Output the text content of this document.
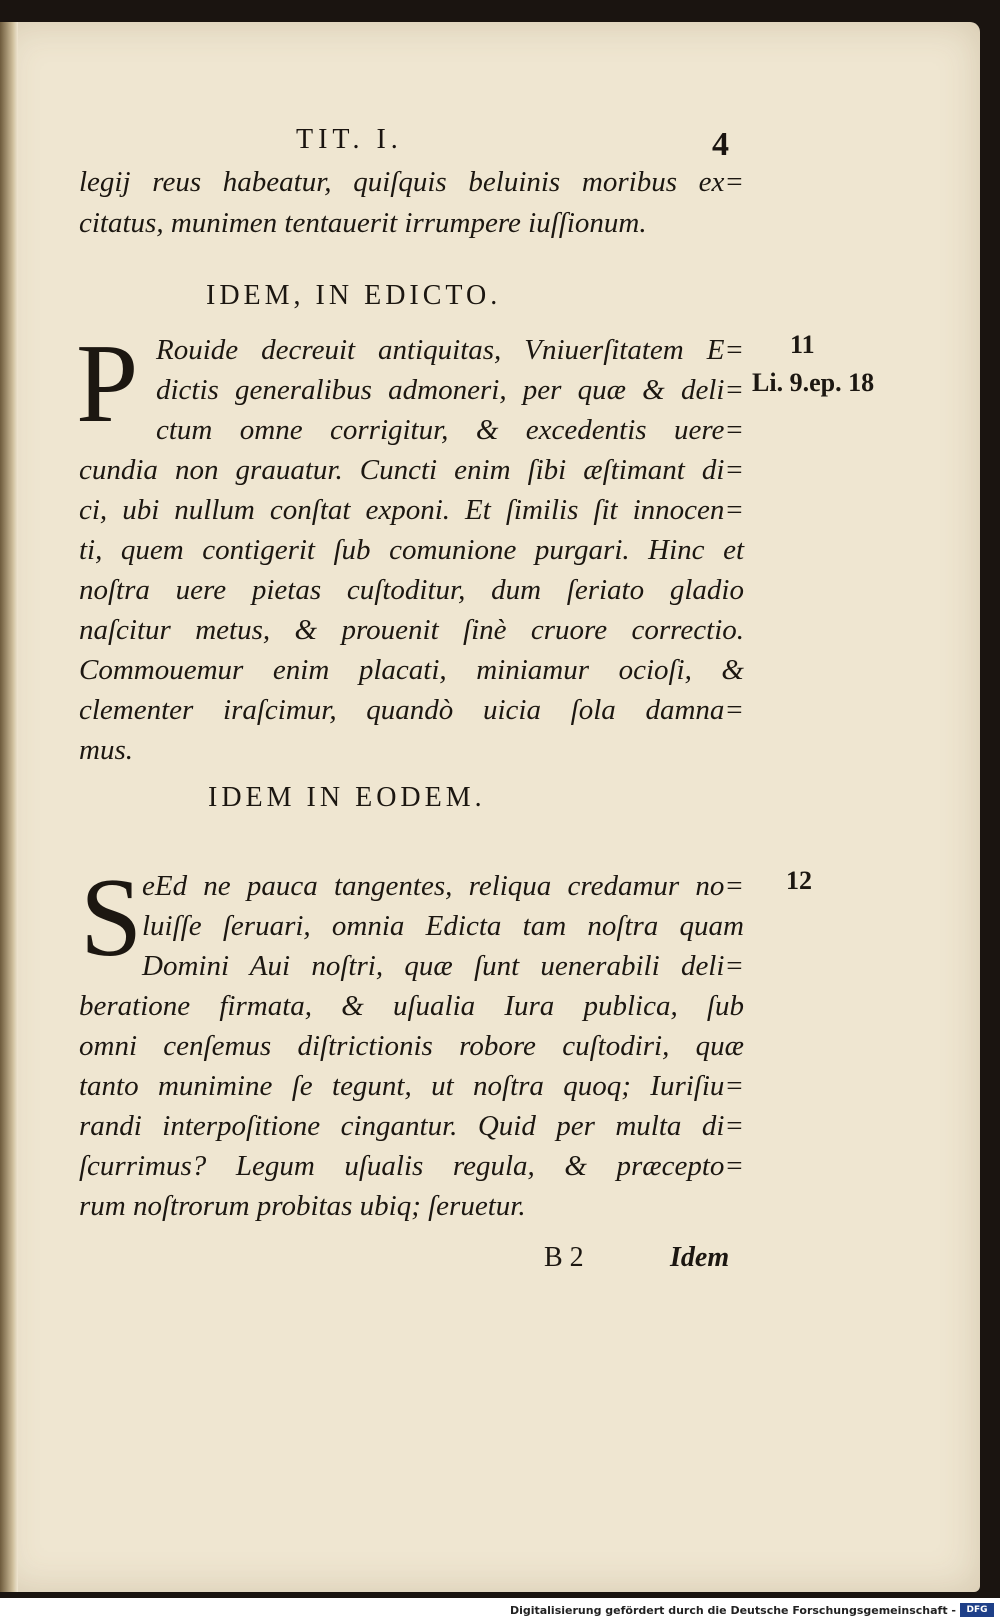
TIT. I.	4
legij reus habeatur, quiſquis beluinis moribus ex=
citatus, munimen tentauerit irrumpere iuſſionum.
IDEM, IN EDICTO.
P Rouide decreuit antiquitas, Vniuerſitatem E=
dictis generalibus admoneri, per quæ & deli=
ctum omne corrigitur, & excedentis uere=
cundia non grauatur. Cuncti enim ſibi æſtimant di=
ci, ubi nullum conſtat exponi. Et ſimilis ſit innocen=
ti, quem contigerit ſub comunione purgari. Hinc et
noſtra uere pietas cuſtoditur, dum ſeriato gladio
naſcitur metus, & prouenit ſinè cruore correctio.
Commouemur enim placati, miniamur ocioſi, &
clementer iraſcimur, quandò uicia ſola damna=
mus.
11
Li. 9.ep. 18
IDEM IN EODEM.
S eEd ne pauca tangentes, reliqua credamur no=
luiſſe ſeruari, omnia Edicta tam noſtra quam
Domini Aui noſtri, quæ ſunt uenerabili deli=
beratione firmata, & uſualia Iura publica, ſub
omni cenſemus diſtrictionis robore cuſtodiri, quæ
tanto munimine ſe tegunt, ut noſtra quoq; Iuriſiu=
randi interpoſitione cingantur. Quid per multa di=
ſcurrimus? Legum uſualis regula, & præcepto=
rum noſtrorum probitas ubiq; ſeruetur.
12
B 2	Idem
Digitalisierung gefördert durch die Deutsche Forschungsgemeinschaft -	DFG
